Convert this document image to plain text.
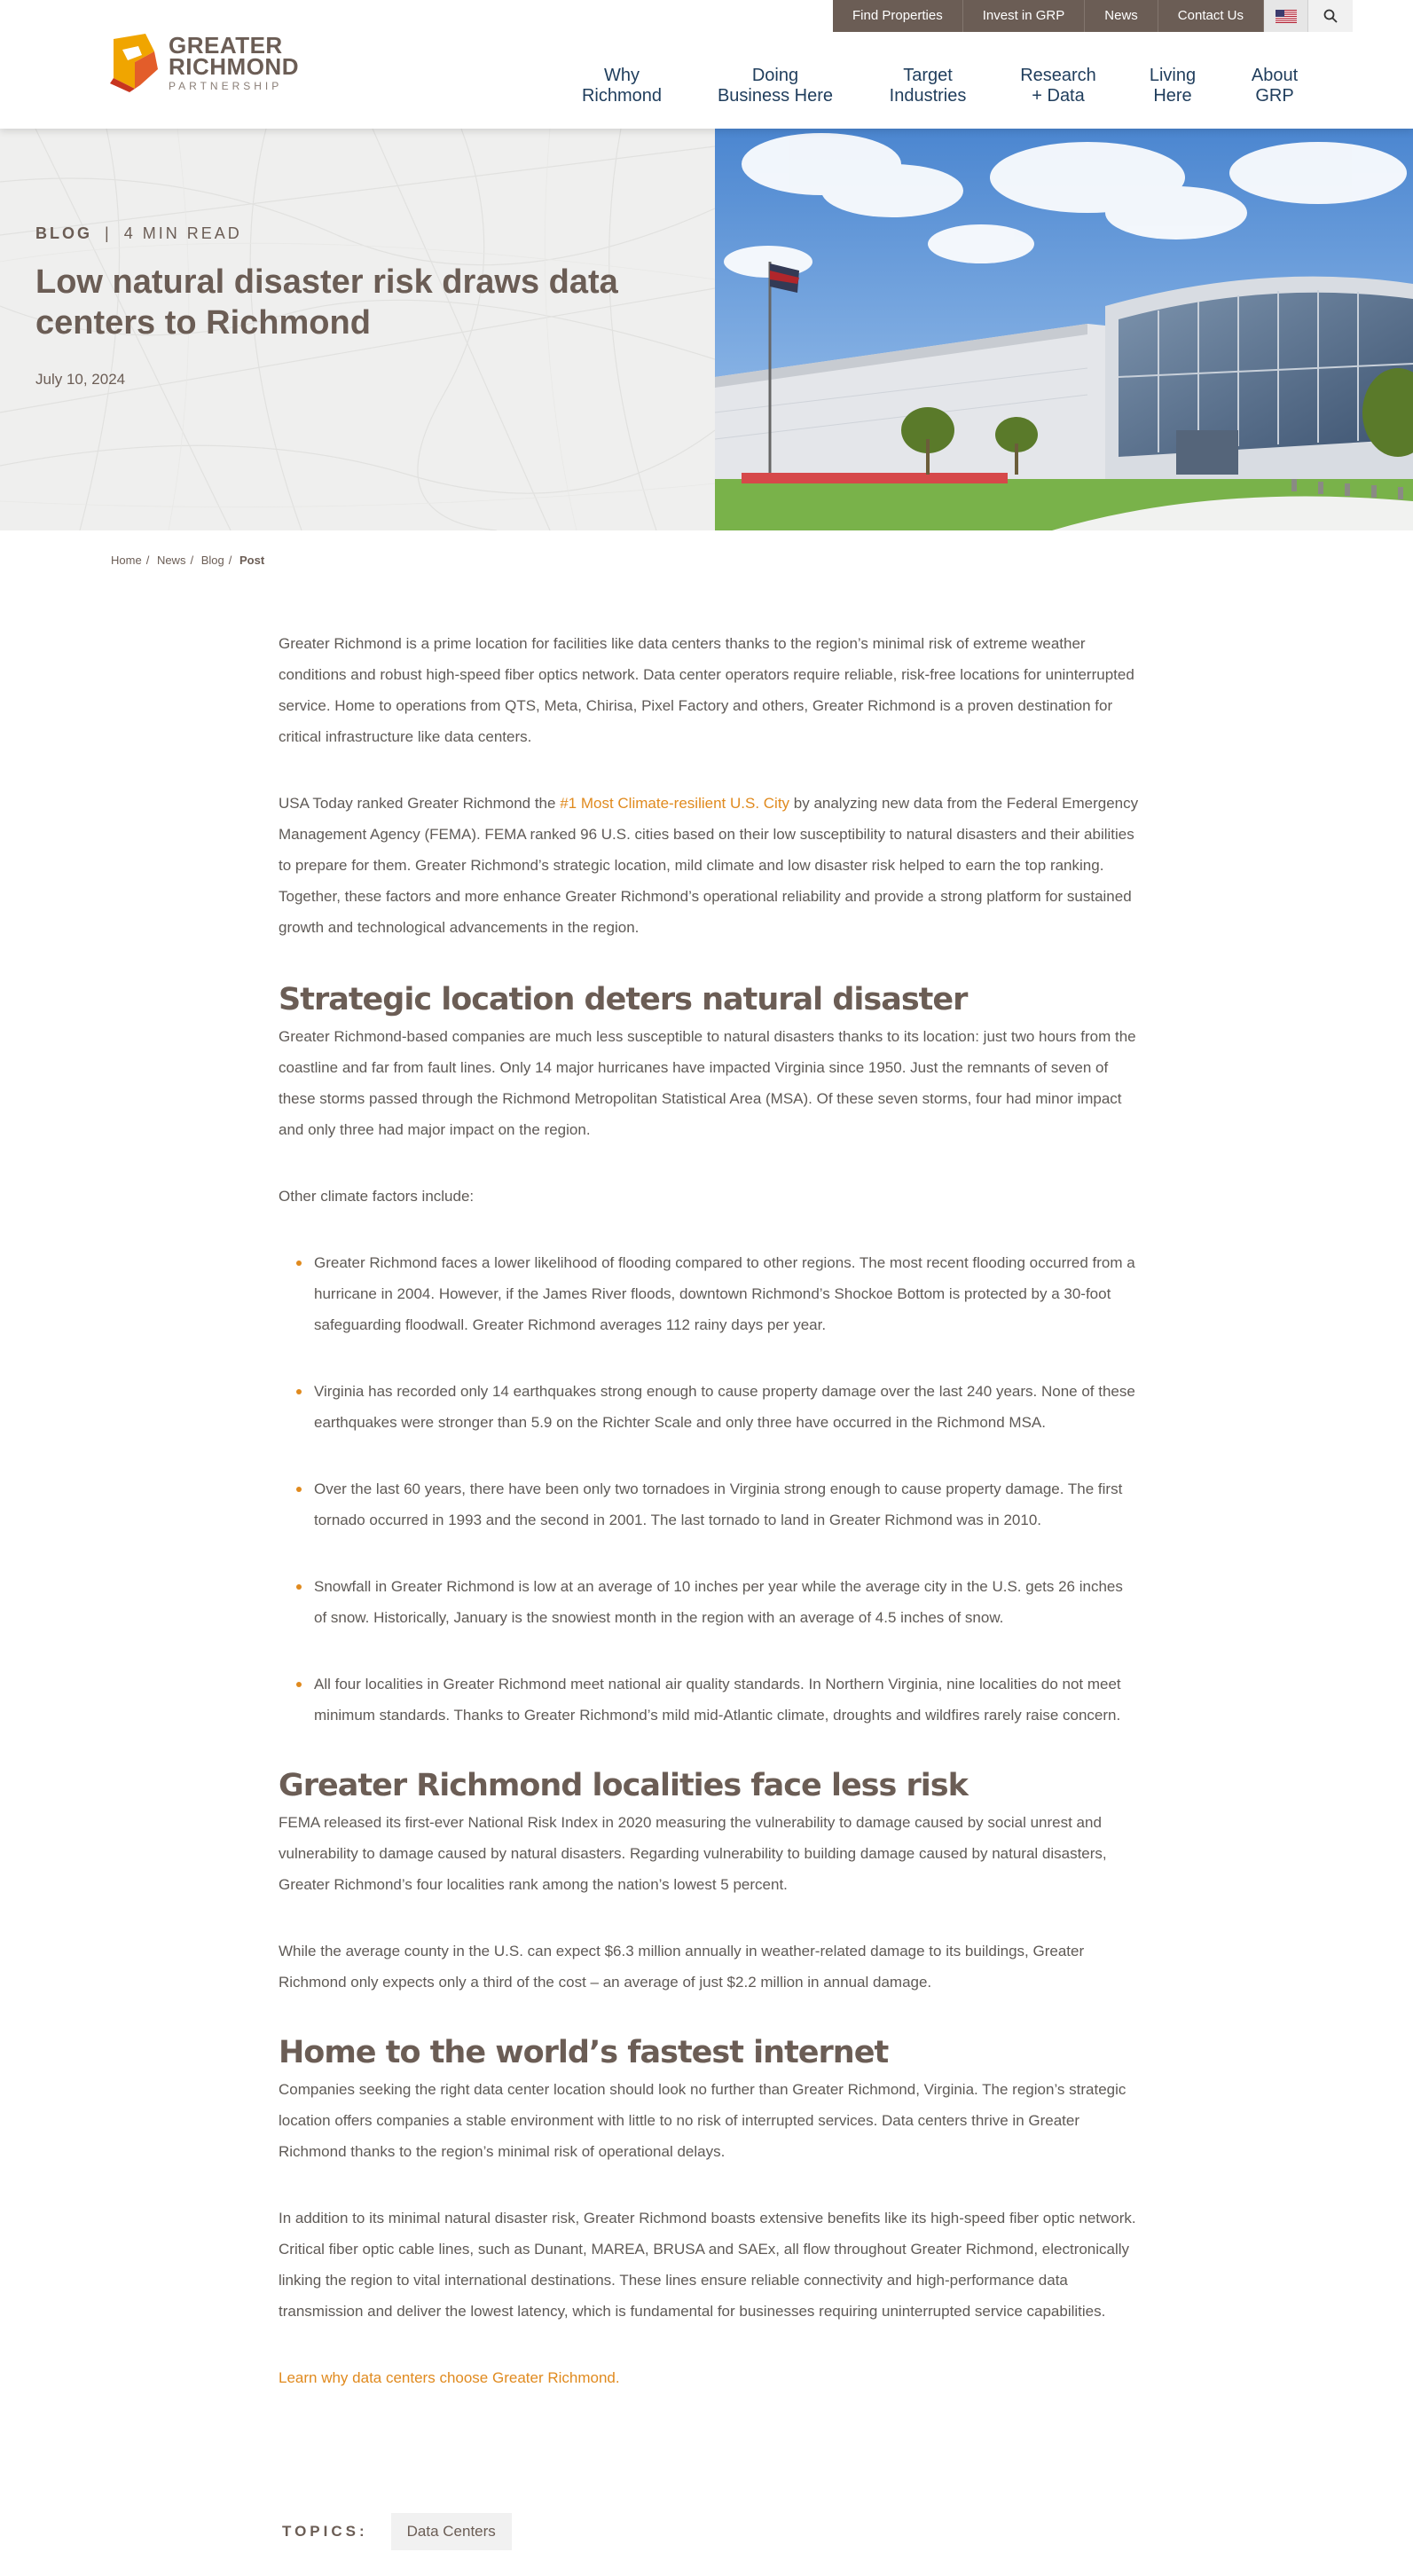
Find Properties	Invest in GRP	News	Contact Us
GREATER
RICHMOND
PARTNERSHIP
Why
Richmond
Doing
Business Here
Target
Industries
Research
+ Data
Living
Here
About
GRP
BLOG | 4 MIN READ
Low natural disaster risk draws data centers to Richmond
July 10, 2024
Home / News / Blog / Post

Greater Richmond is a prime location for facilities like data centers thanks to the region’s minimal risk of extreme weather conditions and robust high-speed fiber optics network. Data center operators require reliable, risk-free locations for uninterrupted service. Home to operations from QTS, Meta, Chirisa, Pixel Factory and others, Greater Richmond is a proven destination for critical infrastructure like data centers.

USA Today ranked Greater Richmond the #1 Most Climate-resilient U.S. City by analyzing new data from the Federal Emergency Management Agency (FEMA). FEMA ranked 96 U.S. cities based on their low susceptibility to natural disasters and their abilities to prepare for them. Greater Richmond’s strategic location, mild climate and low disaster risk helped to earn the top ranking. Together, these factors and more enhance Greater Richmond’s operational reliability and provide a strong platform for sustained growth and technological advancements in the region.

Strategic location deters natural disaster

Greater Richmond-based companies are much less susceptible to natural disasters thanks to its location: just two hours from the coastline and far from fault lines. Only 14 major hurricanes have impacted Virginia since 1950. Just the remnants of seven of these storms passed through the Richmond Metropolitan Statistical Area (MSA). Of these seven storms, four had minor impact and only three had major impact on the region.

Other climate factors include:

Greater Richmond faces a lower likelihood of flooding compared to other regions. The most recent flooding occurred from a hurricane in 2004. However, if the James River floods, downtown Richmond’s Shockoe Bottom is protected by a 30-foot safeguarding floodwall. Greater Richmond averages 112 rainy days per year.
Virginia has recorded only 14 earthquakes strong enough to cause property damage over the last 240 years. None of these earthquakes were stronger than 5.9 on the Richter Scale and only three have occurred in the Richmond MSA.
Over the last 60 years, there have been only two tornadoes in Virginia strong enough to cause property damage. The first tornado occurred in 1993 and the second in 2001. The last tornado to land in Greater Richmond was in 2010.
Snowfall in Greater Richmond is low at an average of 10 inches per year while the average city in the U.S. gets 26 inches of snow. Historically, January is the snowiest month in the region with an average of 4.5 inches of snow.
All four localities in Greater Richmond meet national air quality standards. In Northern Virginia, nine localities do not meet minimum standards. Thanks to Greater Richmond’s mild mid-Atlantic climate, droughts and wildfires rarely raise concern.
Greater Richmond localities face less risk

FEMA released its first-ever National Risk Index in 2020 measuring the vulnerability to damage caused by social unrest and vulnerability to damage caused by natural disasters. Regarding vulnerability to building damage caused by natural disasters, Greater Richmond’s four localities rank among the nation’s lowest 5 percent.

While the average county in the U.S. can expect $6.3 million annually in weather-related damage to its buildings, Greater Richmond only expects only a third of the cost – an average of just $2.2 million in annual damage.

Home to the world’s fastest internet

Companies seeking the right data center location should look no further than Greater Richmond, Virginia. The region’s strategic location offers companies a stable environment with little to no risk of interrupted services. Data centers thrive in Greater Richmond thanks to the region’s minimal risk of operational delays.

In addition to its minimal natural disaster risk, Greater Richmond boasts extensive benefits like its high-speed fiber optic network. Critical fiber optic cable lines, such as Dunant, MAREA, BRUSA and SAEx, all flow throughout Greater Richmond, electronically linking the region to vital international destinations. These lines ensure reliable connectivity and high-performance data transmission and deliver the lowest latency, which is fundamental for businesses requiring uninterrupted service capabilities.

Learn why data centers choose Greater Richmond.

TOPICS:	Data Centers
